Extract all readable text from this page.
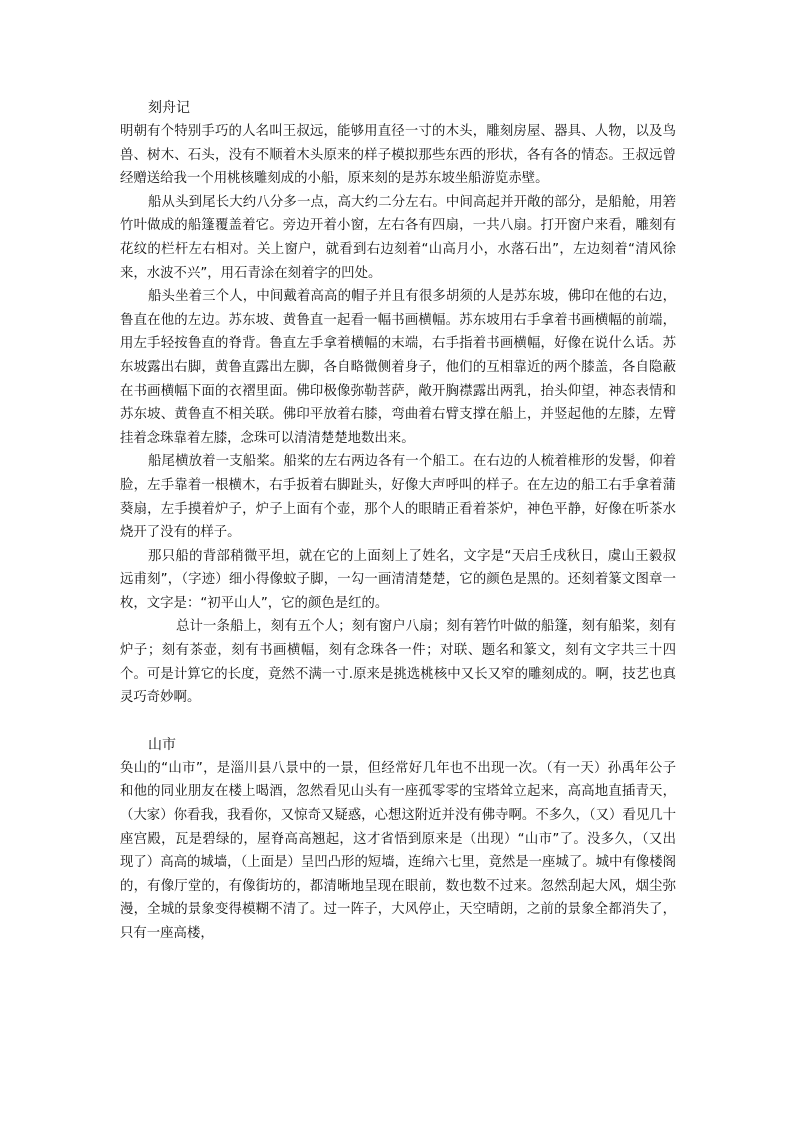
刻舟记

明朝有个特别手巧的人名叫王叔远，能够用直径一寸的木头，雕刻房屋、器具、人物，以及鸟兽、树木、石头，没有不顺着木头原来的样子模拟那些东西的形状，各有各的情态。王叔远曾经赠送给我一个用桃核雕刻成的小船，原来刻的是苏东坡坐船游览赤壁。

船从头到尾长大约八分多一点，高大约二分左右。中间高起并开敞的部分，是船舱，用箬竹叶做成的船篷覆盖着它。旁边开着小窗，左右各有四扇，一共八扇。打开窗户来看，雕刻有花纹的栏杆左右相对。关上窗户，就看到右边刻着“山高月小，水落石出”，左边刻着“清风徐来，水波不兴”，用石青涂在刻着字的凹处。

船头坐着三个人，中间戴着高高的帽子并且有很多胡须的人是苏东坡，佛印在他的右边，鲁直在他的左边。苏东坡、黄鲁直一起看一幅书画横幅。苏东坡用右手拿着书画横幅的前端，用左手轻按鲁直的脊背。鲁直左手拿着横幅的末端，右手指着书画横幅，好像在说什么话。苏东坡露出右脚，黄鲁直露出左脚，各自略微侧着身子，他们的互相靠近的两个膝盖，各自隐蔽在书画横幅下面的衣褶里面。佛印极像弥勒菩萨，敞开胸襟露出两乳，抬头仰望，神态表情和苏东坡、黄鲁直不相关联。佛印平放着右膝，弯曲着右臂支撑在船上，并竖起他的左膝，左臂挂着念珠靠着左膝，念珠可以清清楚楚地数出来。

船尾横放着一支船桨。船桨的左右两边各有一个船工。在右边的人梳着椎形的发髻，仰着脸，左手靠着一根横木，右手扳着右脚趾头，好像大声呼叫的样子。在左边的船工右手拿着蒲葵扇，左手摸着炉子，炉子上面有个壶，那个人的眼睛正看着茶炉，神色平静，好像在听茶水烧开了没有的样子。

那只船的背部稍微平坦，就在它的上面刻上了姓名，文字是“天启壬戌秋日，虞山王毅叔远甫刻”，（字迹）细小得像蚊子脚，一勾一画清清楚楚，它的颜色是黑的。还刻着篆文图章一枚，文字是：“初平山人”，它的颜色是红的。

总计一条船上，刻有五个人；刻有窗户八扇；刻有箬竹叶做的船篷，刻有船桨，刻有炉子；刻有茶壶，刻有书画横幅，刻有念珠各一件；对联、题名和篆文，刻有文字共三十四个。可是计算它的长度，竟然不满一寸.原来是挑选桃核中又长又窄的雕刻成的。啊，技艺也真灵巧奇妙啊。

山市

奂山的“山市”，是淄川县八景中的一景，但经常好几年也不出现一次。（有一天）孙禹年公子和他的同业朋友在楼上喝酒，忽然看见山头有一座孤零零的宝塔耸立起来，高高地直插青天，（大家）你看我，我看你，又惊奇又疑惑，心想这附近并没有佛寺啊。不多久，（又）看见几十座宫殿，瓦是碧绿的，屋脊高高翘起，这才省悟到原来是（出现）“山市”了。没多久，（又出现了）高高的城墙，（上面是）呈凹凸形的短墙，连绵六七里，竟然是一座城了。城中有像楼阁的，有像厅堂的，有像街坊的，都清晰地呈现在眼前，数也数不过来。忽然刮起大风，烟尘弥漫，全城的景象变得模糊不清了。过一阵子，大风停止，天空晴朗，之前的景象全都消失了，只有一座高楼，
